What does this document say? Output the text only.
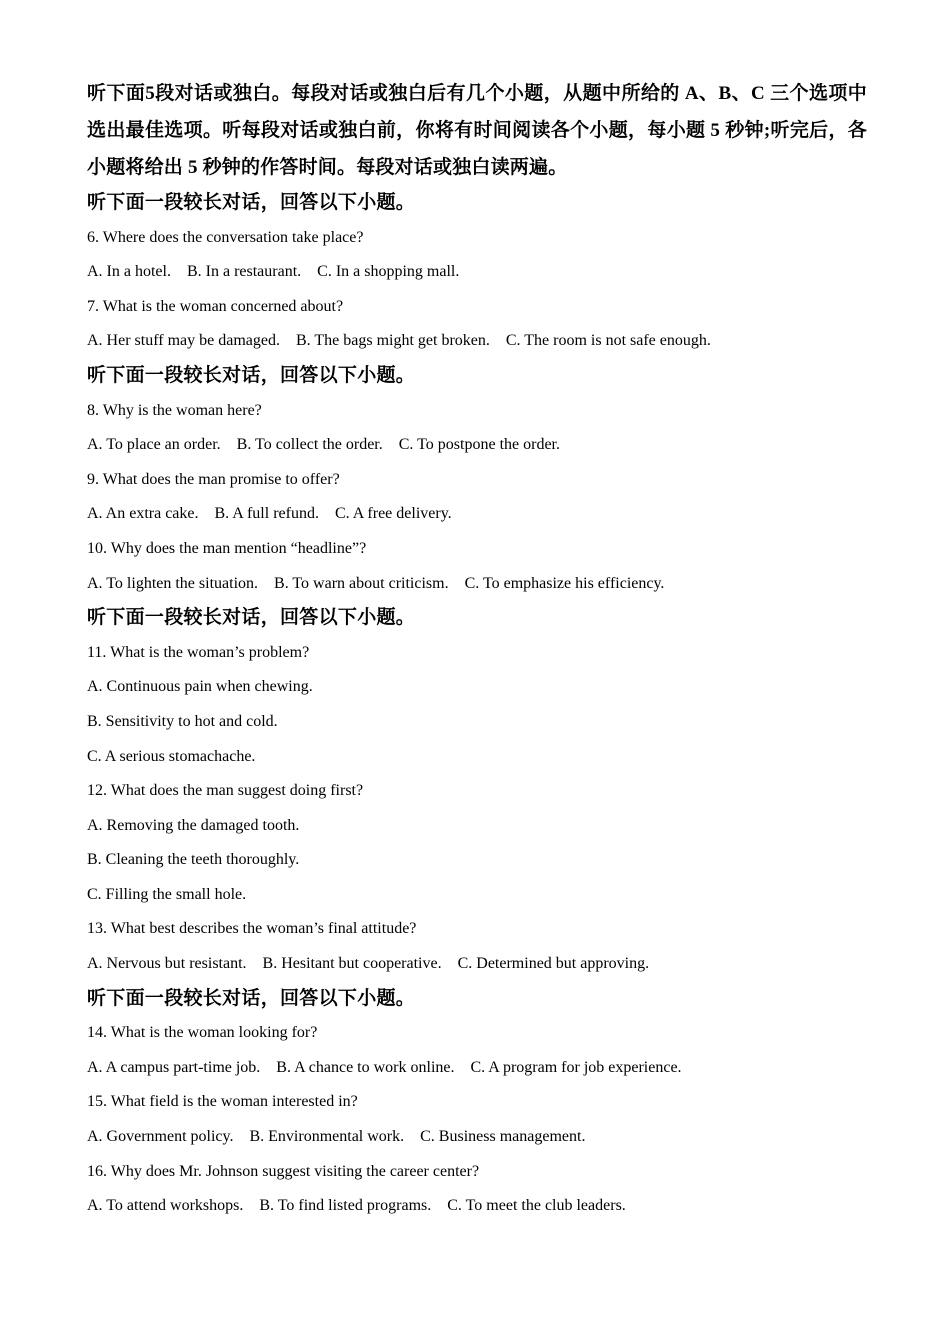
听下面5段对话或独白。每段对话或独白后有几个小题，从题中所给的 A、B、C 三个选项中选出最佳选项。听每段对话或独白前，你将有时间阅读各个小题，每小题 5 秒钟;听完后，各小题将给出 5 秒钟的作答时间。每段对话或独白读两遍。

听下面一段较长对话，回答以下小题。

6. Where does the conversation take place?

A. In a hotel.    B. In a restaurant.    C. In a shopping mall.

7. What is the woman concerned about?

A. Her stuff may be damaged.    B. The bags might get broken.    C. The room is not safe enough.

听下面一段较长对话，回答以下小题。

8. Why is the woman here?

A. To place an order.    B. To collect the order.    C. To postpone the order.

9. What does the man promise to offer?

A. An extra cake.    B. A full refund.    C. A free delivery.

10. Why does the man mention “headline”?

A. To lighten the situation.    B. To warn about criticism.    C. To emphasize his efficiency.

听下面一段较长对话，回答以下小题。

11. What is the woman’s problem?

A. Continuous pain when chewing.

B. Sensitivity to hot and cold.

C. A serious stomachache.

12. What does the man suggest doing first?

A. Removing the damaged tooth.

B. Cleaning the teeth thoroughly.

C. Filling the small hole.

13. What best describes the woman’s final attitude?

A. Nervous but resistant.    B. Hesitant but cooperative.    C. Determined but approving.

听下面一段较长对话，回答以下小题。

14. What is the woman looking for?

A. A campus part-time job.    B. A chance to work online.    C. A program for job experience.

15. What field is the woman interested in?

A. Government policy.    B. Environmental work.    C. Business management.

16. Why does Mr. Johnson suggest visiting the career center?

A. To attend workshops.    B. To find listed programs.    C. To meet the club leaders.
